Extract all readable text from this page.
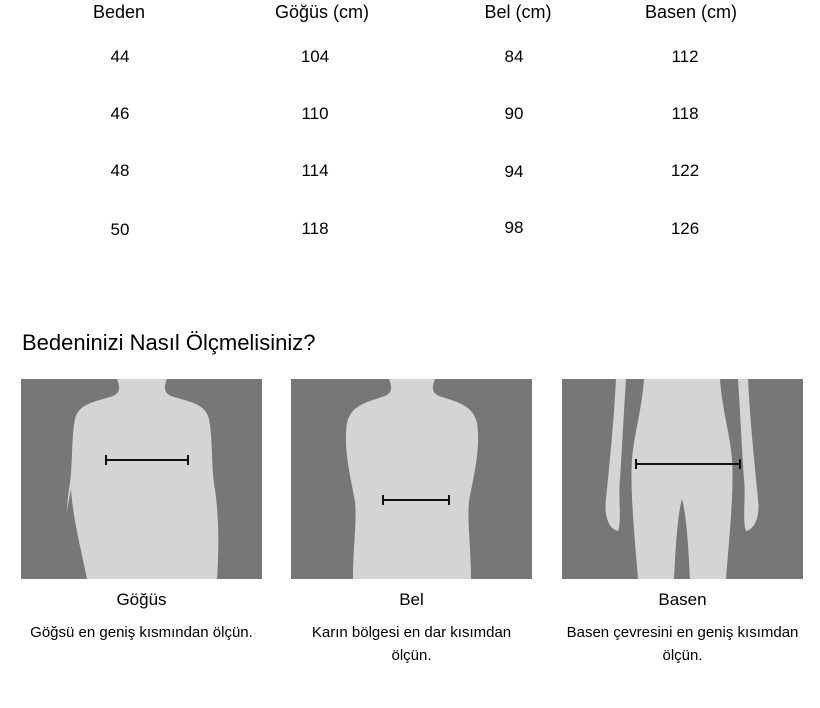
Beden	Göğüs (cm)	Bel (cm)	Basen (cm)
44	104	84	112
46	110	90	118
48	114	94	122
50	118	98	126
Bedeninizi Nasıl Ölçmelisiniz?
Göğüs
Göğsü en geniş kısmından ölçün.
Bel
Karın bölgesi en dar kısımdan ölçün.
Basen
Basen çevresini en geniş kısımdan ölçün.
